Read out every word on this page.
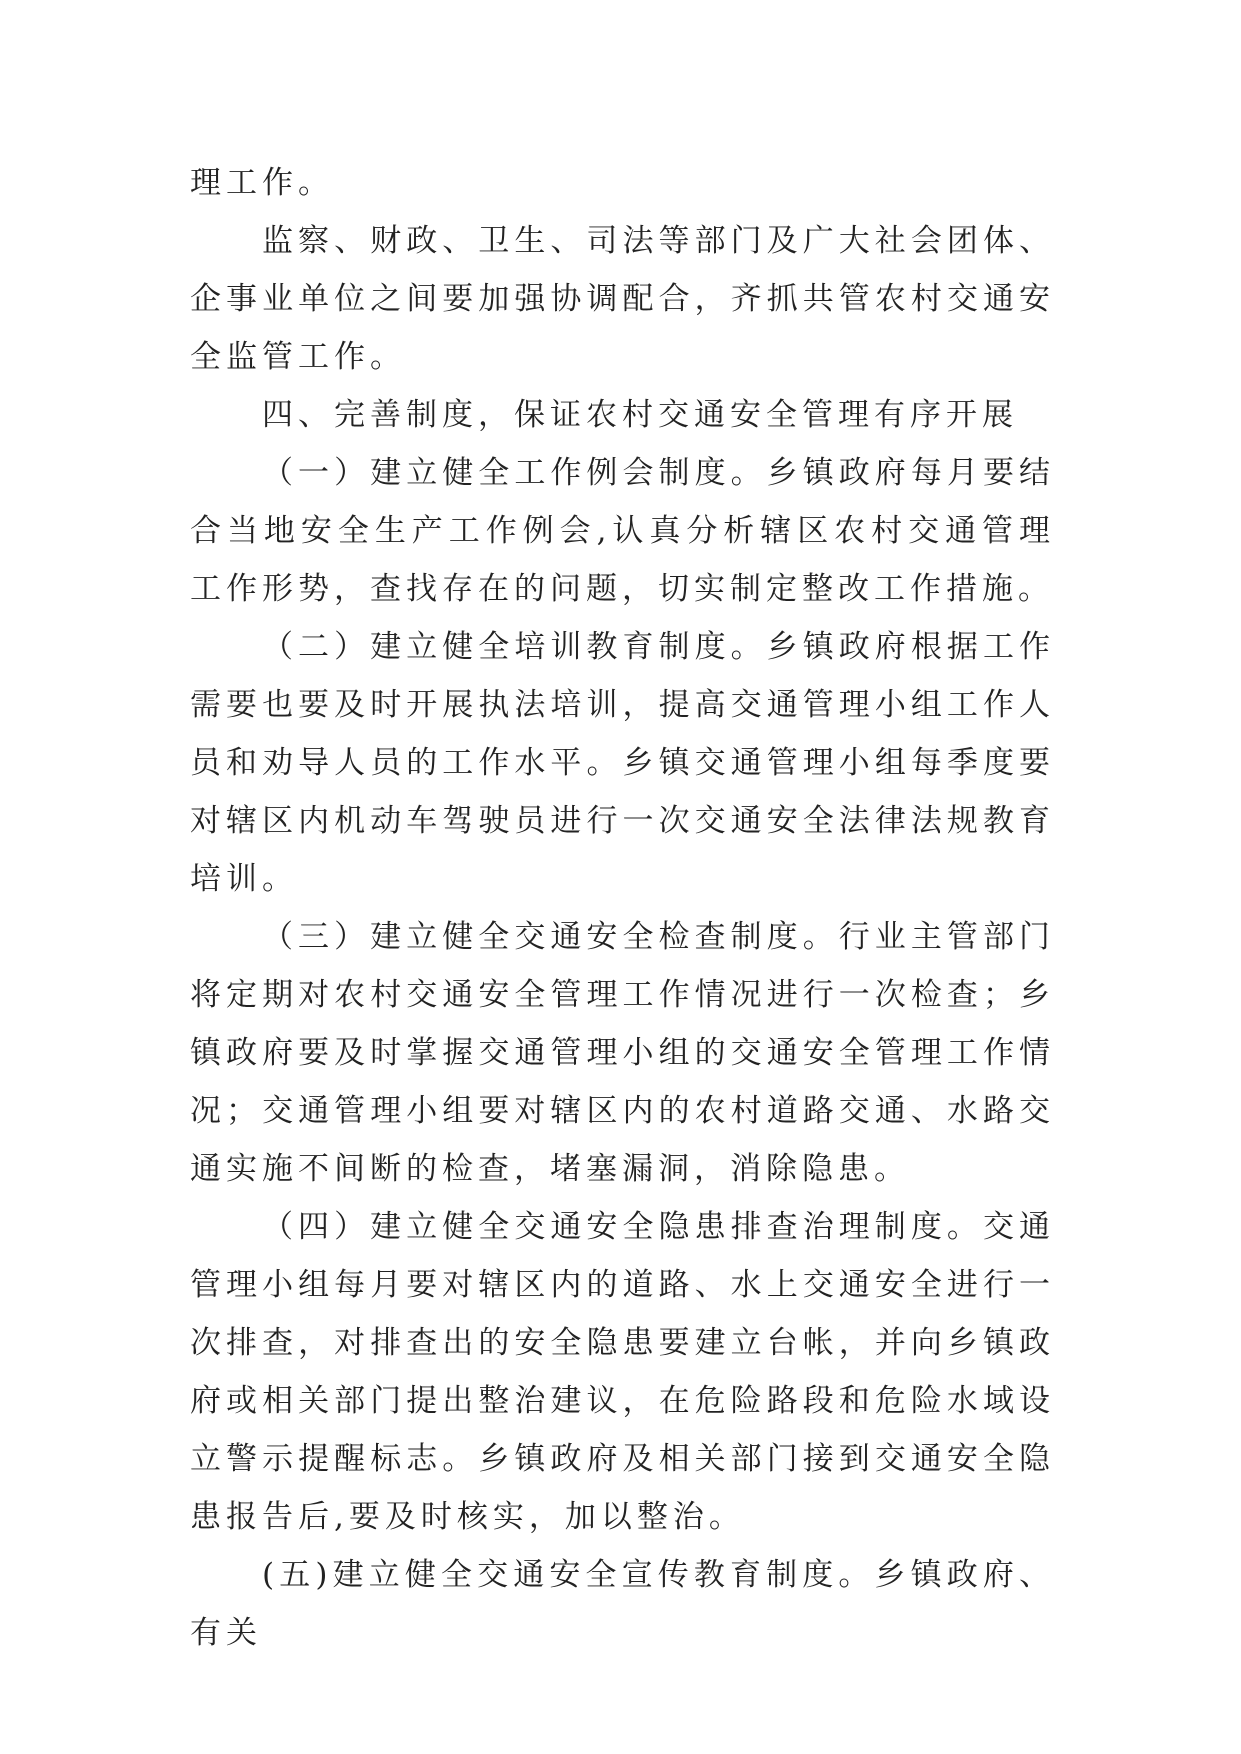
理工作。

监察、财政、卫生、司法等部门及广大社会团体、企事业单位之间要加强协调配合，齐抓共管农村交通安全监管工作。

四、完善制度，保证农村交通安全管理有序开展

（一）建立健全工作例会制度。乡镇政府每月要结合当地安全生产工作例会,认真分析辖区农村交通管理工作形势，查找存在的问题，切实制定整改工作措施。

（二）建立健全培训教育制度。乡镇政府根据工作需要也要及时开展执法培训，提高交通管理小组工作人员和劝导人员的工作水平。乡镇交通管理小组每季度要对辖区内机动车驾驶员进行一次交通安全法律法规教育培训。

（三）建立健全交通安全检查制度。行业主管部门将定期对农村交通安全管理工作情况进行一次检查；乡镇政府要及时掌握交通管理小组的交通安全管理工作情况；交通管理小组要对辖区内的农村道路交通、水路交通实施不间断的检查，堵塞漏洞，消除隐患。

（四）建立健全交通安全隐患排查治理制度。交通管理小组每月要对辖区内的道路、水上交通安全进行一次排查，对排查出的安全隐患要建立台帐，并向乡镇政府或相关部门提出整治建议，在危险路段和危险水域设立警示提醒标志。乡镇政府及相关部门接到交通安全隐患报告后,要及时核实，加以整治。

(五)建立健全交通安全宣传教育制度。乡镇政府、有关
